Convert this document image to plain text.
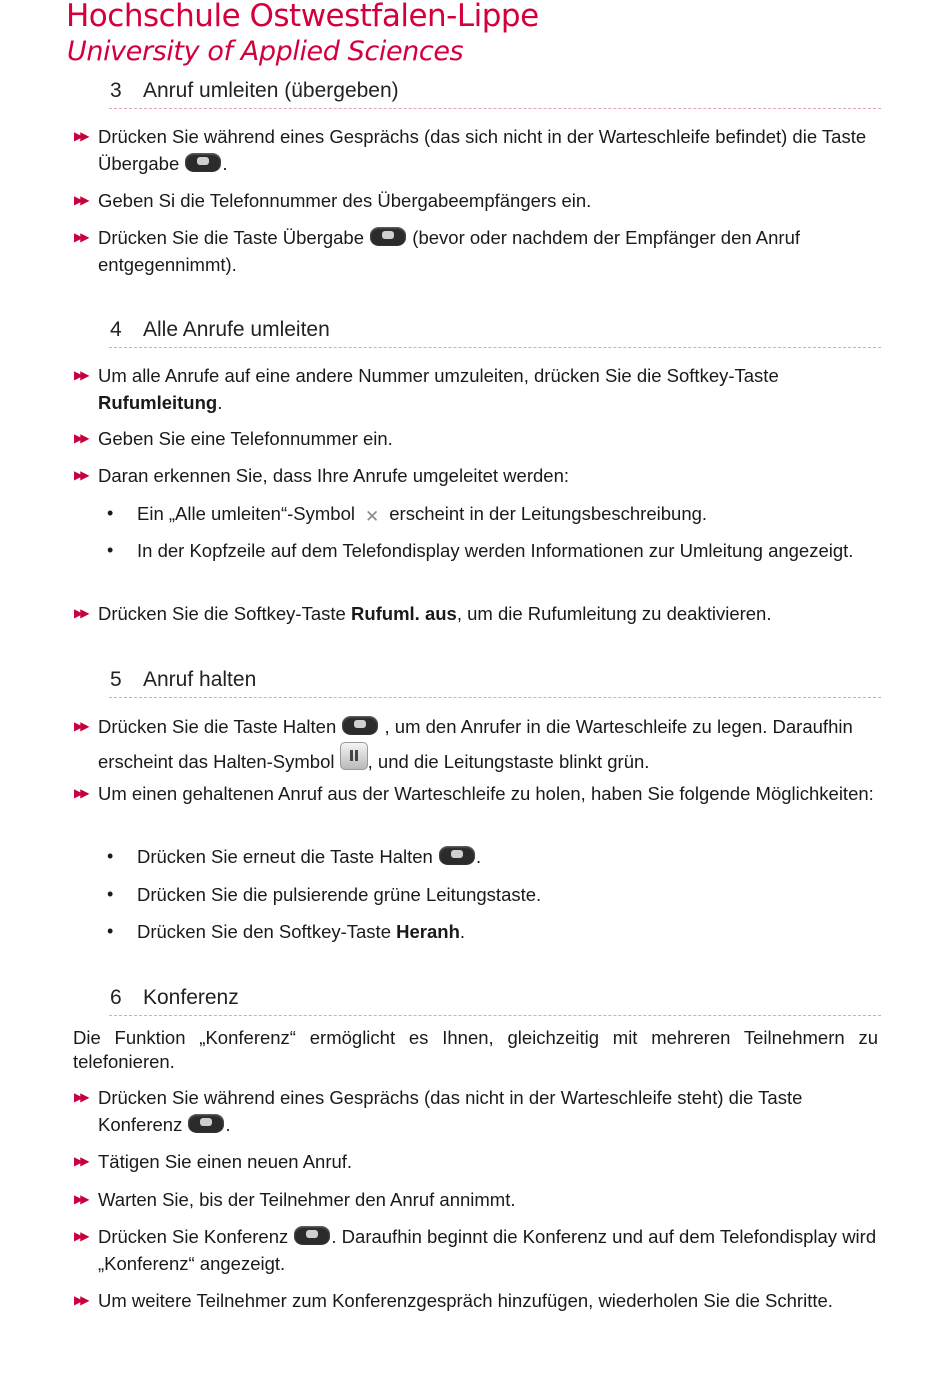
Hochschule Ostwestfalen-Lippe
University of Applied Sciences
3 Anruf umleiten (übergeben)
▶▶ Drücken Sie während eines Gesprächs (das sich nicht in der Warteschleife befindet) die Taste Übergabe .
▶▶ Geben Si die Telefonnummer des Übergabeempfängers ein.
▶▶ Drücken Sie die Taste Übergabe  (bevor oder nachdem der Empfänger den Anruf entgegennimmt).
4 Alle Anrufe umleiten
▶▶ Um alle Anrufe auf eine andere Nummer umzuleiten, drücken Sie die Softkey-Taste Rufumleitung.
▶▶ Geben Sie eine Telefonnummer ein.
▶▶ Daran erkennen Sie, dass Ihre Anrufe umgeleitet werden:
• Ein „Alle umleiten“-Symbol ✕ erscheint in der Leitungsbeschreibung.
• In der Kopfzeile auf dem Telefondisplay werden Informationen zur Umleitung angezeigt.
▶▶ Drücken Sie die Softkey-Taste Rufuml. aus, um die Rufumleitung zu deaktivieren.
5 Anruf halten
▶▶ Drücken Sie die Taste Halten  , um den Anrufer in die Warteschleife zu legen. Daraufhin erscheint das Halten-Symbol , und die Leitungstaste blinkt grün.
▶▶ Um einen gehaltenen Anruf aus der Warteschleife zu holen, haben Sie folgende Möglichkeiten:
• Drücken Sie erneut die Taste Halten .
• Drücken Sie die pulsierende grüne Leitungstaste.
• Drücken Sie den Softkey-Taste Heranh.
6 Konferenz
Die Funktion „Konferenz“ ermöglicht es Ihnen, gleichzeitig mit mehreren Teilnehmern zu telefonieren.
▶▶ Drücken Sie während eines Gesprächs (das nicht in der Warteschleife steht) die Taste Konferenz .
▶▶ Tätigen Sie einen neuen Anruf.
▶▶ Warten Sie, bis der Teilnehmer den Anruf annimmt.
▶▶ Drücken Sie Konferenz . Daraufhin beginnt die Konferenz und auf dem Telefondisplay wird „Konferenz“ angezeigt.
▶▶ Um weitere Teilnehmer zum Konferenzgespräch hinzufügen, wiederholen Sie die Schritte.
